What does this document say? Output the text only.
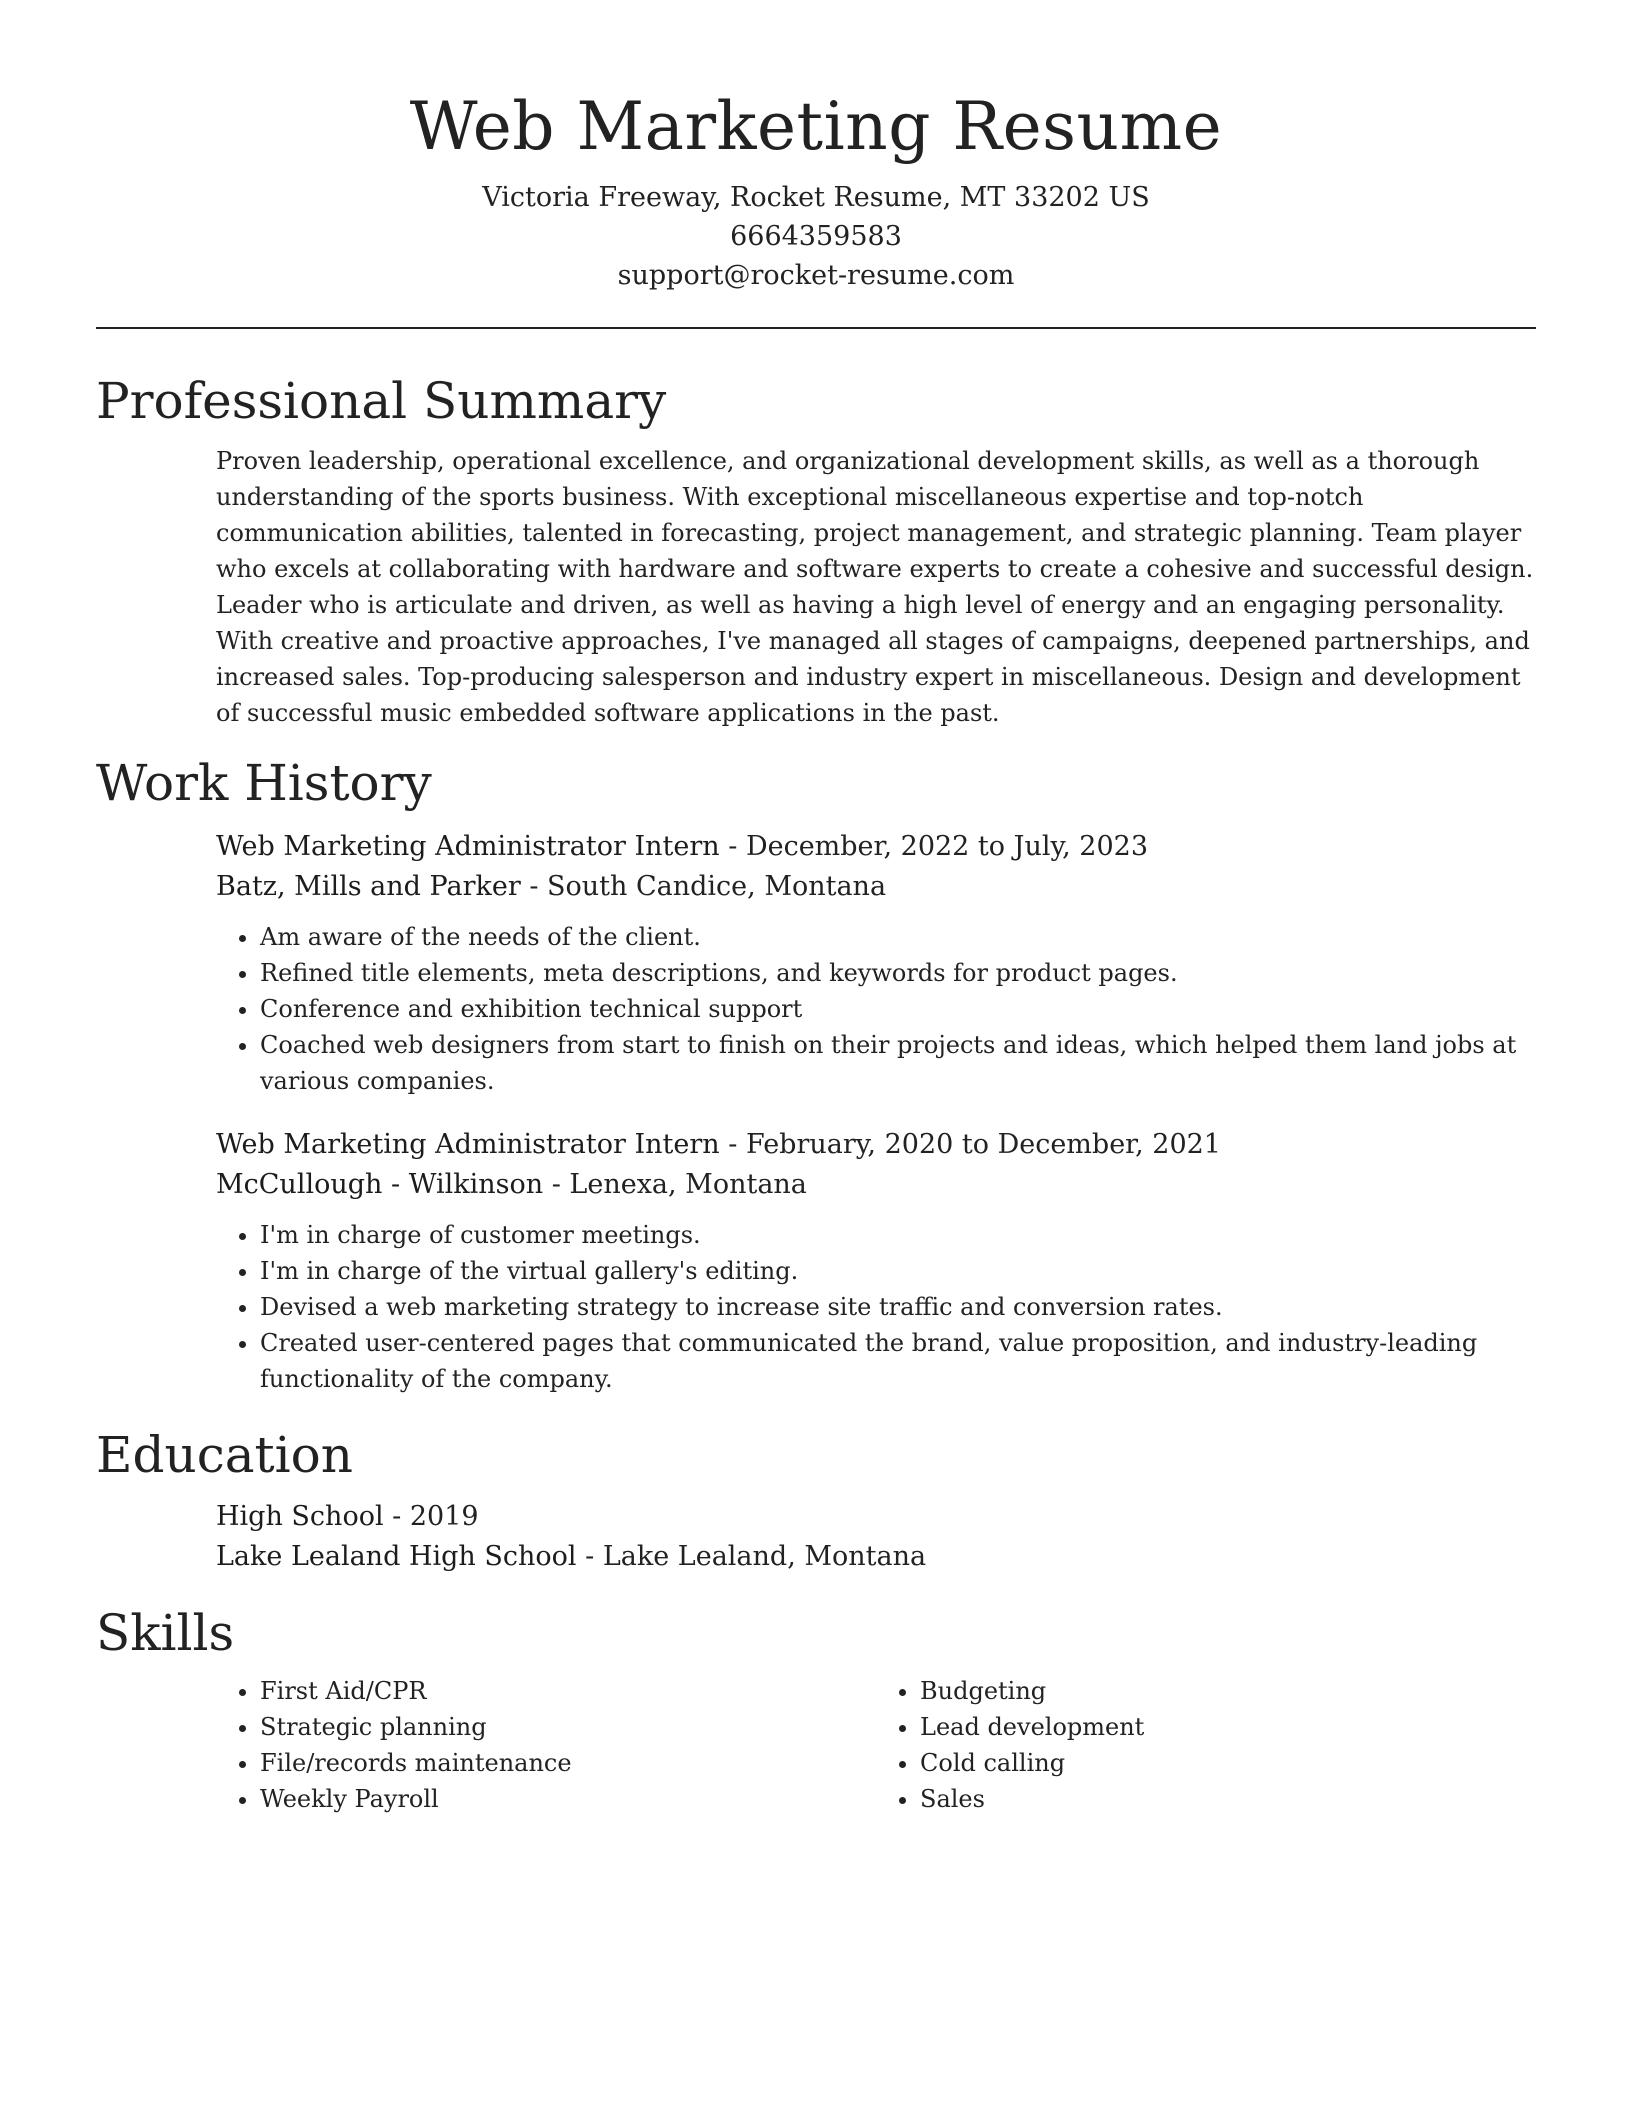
Web Marketing Resume
Victoria Freeway, Rocket Resume, MT 33202 US
6664359583
support@rocket-resume.com
Professional Summary

Proven leadership, operational excellence, and organizational development skills, as well as a thorough understanding of the sports business. With exceptional miscellaneous expertise and top-notch communication abilities, talented in forecasting, project management, and strategic planning. Team player who excels at collaborating with hardware and software experts to create a cohesive and successful design. Leader who is articulate and driven, as well as having a high level of energy and an engaging personality. With creative and proactive approaches, I've managed all stages of campaigns, deepened partnerships, and increased sales. Top-producing salesperson and industry expert in miscellaneous. Design and development of successful music embedded software applications in the past.

Work History
Web Marketing Administrator Intern - December, 2022 to July, 2023
Batz, Mills and Parker - South Candice, Montana
• Am aware of the needs of the client.
• Refined title elements, meta descriptions, and keywords for product pages.
• Conference and exhibition technical support
• Coached web designers from start to finish on their projects and ideas, which helped them land jobs at various companies.
Web Marketing Administrator Intern - February, 2020 to December, 2021
McCullough - Wilkinson - Lenexa, Montana
• I'm in charge of customer meetings.
• I'm in charge of the virtual gallery's editing.
• Devised a web marketing strategy to increase site traffic and conversion rates.
• Created user-centered pages that communicated the brand, value proposition, and industry-leading functionality of the company.
Education
High School - 2019
Lake Lealand High School - Lake Lealand, Montana
Skills
• First Aid/CPR
• Strategic planning
• File/records maintenance
• Weekly Payroll
• Budgeting
• Lead development
• Cold calling
• Sales
